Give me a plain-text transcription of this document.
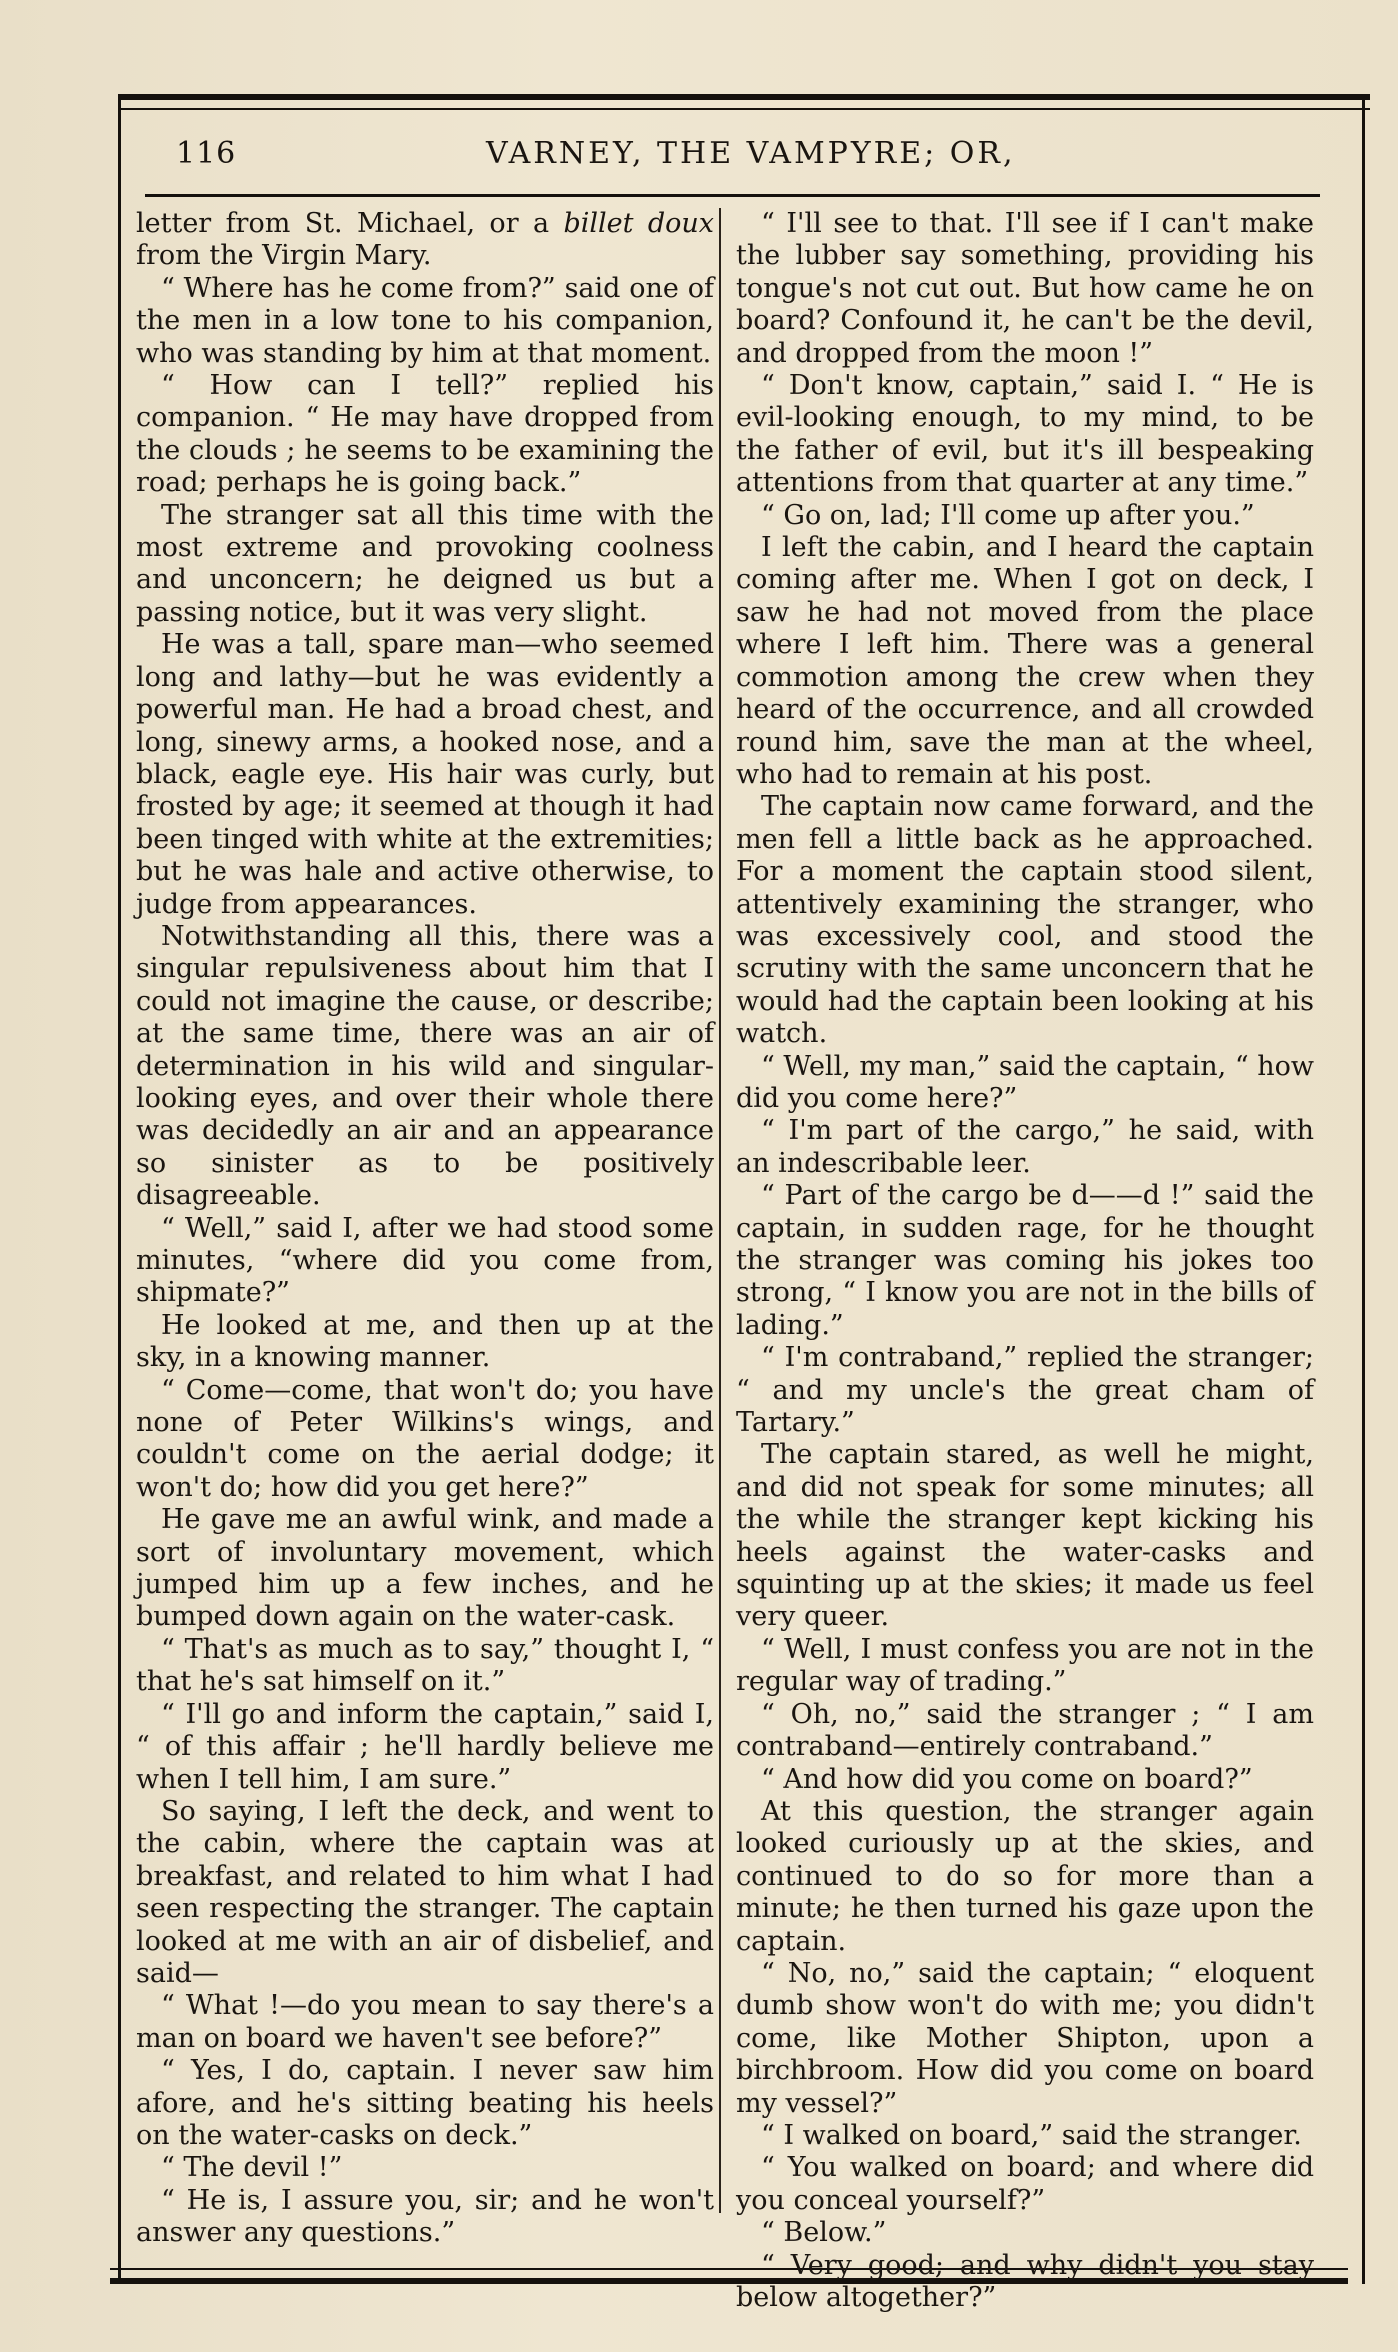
116	VARNEY, THE VAMPYRE; OR,

letter from St. Michael, or a billet doux from the Virgin Mary.

“ Where has he come from?” said one of the men in a low tone to his companion, who was standing by him at that moment.

“ How can I tell?” replied his companion. “ He may have dropped from the clouds ; he seems to be examining the road; perhaps he is going back.”

The stranger sat all this time with the most extreme and provoking coolness and unconcern; he deigned us but a passing notice, but it was very slight.

He was a tall, spare man—who seemed long and lathy—but he was evidently a powerful man. He had a broad chest, and long, sinewy arms, a hooked nose, and a black, eagle eye. His hair was curly, but frosted by age; it seemed at though it had been tinged with white at the extremities; but he was hale and active otherwise, to judge from appearances.

Notwithstanding all this, there was a singular repulsiveness about him that I could not imagine the cause, or describe; at the same time, there was an air of determination in his wild and singular-looking eyes, and over their whole there was decidedly an air and an appearance so sinister as to be positively disagreeable.

“ Well,” said I, after we had stood some minutes, “where did you come from, shipmate?”

He looked at me, and then up at the sky, in a knowing manner.

“ Come—come, that won't do; you have none of Peter Wilkins's wings, and couldn't come on the aerial dodge; it won't do; how did you get here?”

He gave me an awful wink, and made a sort of involuntary movement, which jumped him up a few inches, and he bumped down again on the water-cask.

“ That's as much as to say,” thought I, “ that he's sat himself on it.”

“ I'll go and inform the captain,” said I, “ of this affair ; he'll hardly believe me when I tell him, I am sure.”

So saying, I left the deck, and went to the cabin, where the captain was at breakfast, and related to him what I had seen respecting the stranger. The captain looked at me with an air of disbelief, and said—

“ What !—do you mean to say there's a man on board we haven't see before?”

“ Yes, I do, captain. I never saw him afore, and he's sitting beating his heels on the water-casks on deck.”

“ The devil !”

“ He is, I assure you, sir; and he won't answer any questions.”

“ I'll see to that. I'll see if I can't make the lubber say something, providing his tongue's not cut out. But how came he on board? Confound it, he can't be the devil, and dropped from the moon !”

“ Don't know, captain,” said I. “ He is evil-looking enough, to my mind, to be the father of evil, but it's ill bespeaking attentions from that quarter at any time.”

“ Go on, lad; I'll come up after you.”

I left the cabin, and I heard the captain coming after me. When I got on deck, I saw he had not moved from the place where I left him. There was a general commotion among the crew when they heard of the occurrence, and all crowded round him, save the man at the wheel, who had to remain at his post.

The captain now came forward, and the men fell a little back as he approached. For a moment the captain stood silent, attentively examining the stranger, who was excessively cool, and stood the scrutiny with the same unconcern that he would had the captain been looking at his watch.

“ Well, my man,” said the captain, “ how did you come here?”

“ I'm part of the cargo,” he said, with an indescribable leer.

“ Part of the cargo be d——d !” said the captain, in sudden rage, for he thought the stranger was coming his jokes too strong, “ I know you are not in the bills of lading.”

“ I'm contraband,” replied the stranger; “ and my uncle's the great cham of Tartary.”

The captain stared, as well he might, and did not speak for some minutes; all the while the stranger kept kicking his heels against the water-casks and squinting up at the skies; it made us feel very queer.

“ Well, I must confess you are not in the regular way of trading.”

“ Oh, no,” said the stranger ; “ I am contraband—entirely contraband.”

“ And how did you come on board?”

At this question, the stranger again looked curiously up at the skies, and continued to do so for more than a minute; he then turned his gaze upon the captain.

“ No, no,” said the captain; “ eloquent dumb show won't do with me; you didn't come, like Mother Shipton, upon a birchbroom. How did you come on board my vessel?”

“ I walked on board,” said the stranger.

“ You walked on board; and where did you conceal yourself?”

“ Below.”

“ Very good; and why didn't you stay below altogether?”
